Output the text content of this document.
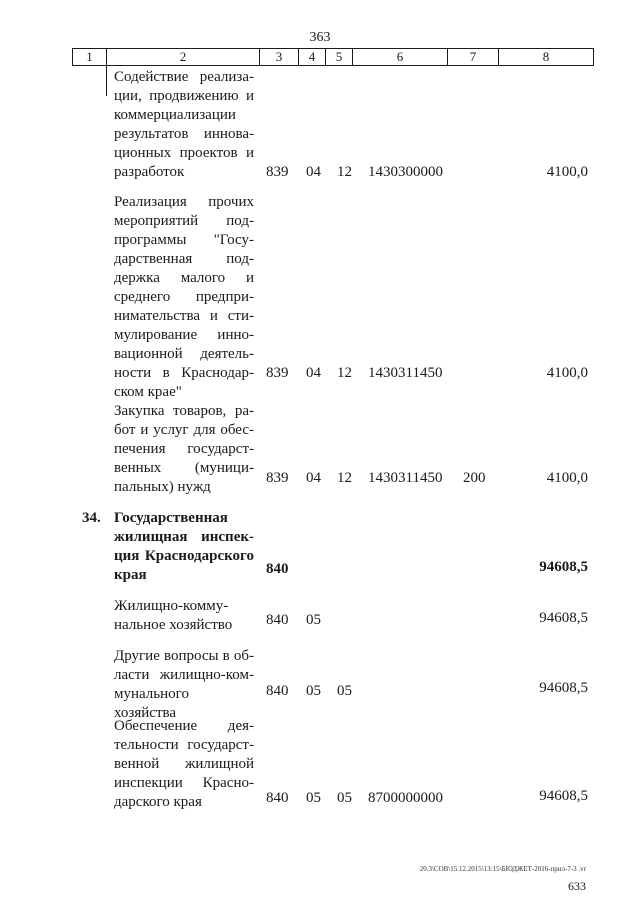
363
1	2	3	4	5	6	7	8
Содействие реализа-
ции, продвижению и
коммерциализации
результатов иннова-
ционных проектов и
разработок	839 04 12 1430300000	4100,0
Реализация прочих
мероприятий под-
программы "Госу-
дарственная под-
держка малого и
среднего предпри-
нимательства и сти-
мулирование инно-
вационной деятель-
ности в Краснодар-
ском крае"
839 04 12 1430311450	4100,0
Закупка товаров, ра-
бот и услуг для обес-
печения государст-
венных (муници-
пальных) нужд
839 04 12 1430311450 200	4100,0
34. Государственная
жилищная инспек-
ция Краснодарского
края	840	94608,5
Жилищно-комму-
нальное хозяйство	840 05	94608,5
Другие вопросы в об-
ласти жилищно-ком-
мунального хозяйства
840 05 05	94608,5
Обеспечение дея-
тельности государст-
венной жилищной
инспекции Красно-
дарского края	840 05 05 8700000000	94608,5
20.3\СОВ\15.12.2015\13:15\БЮДЖЕТ-2016-прил-7-3 .vr
633
